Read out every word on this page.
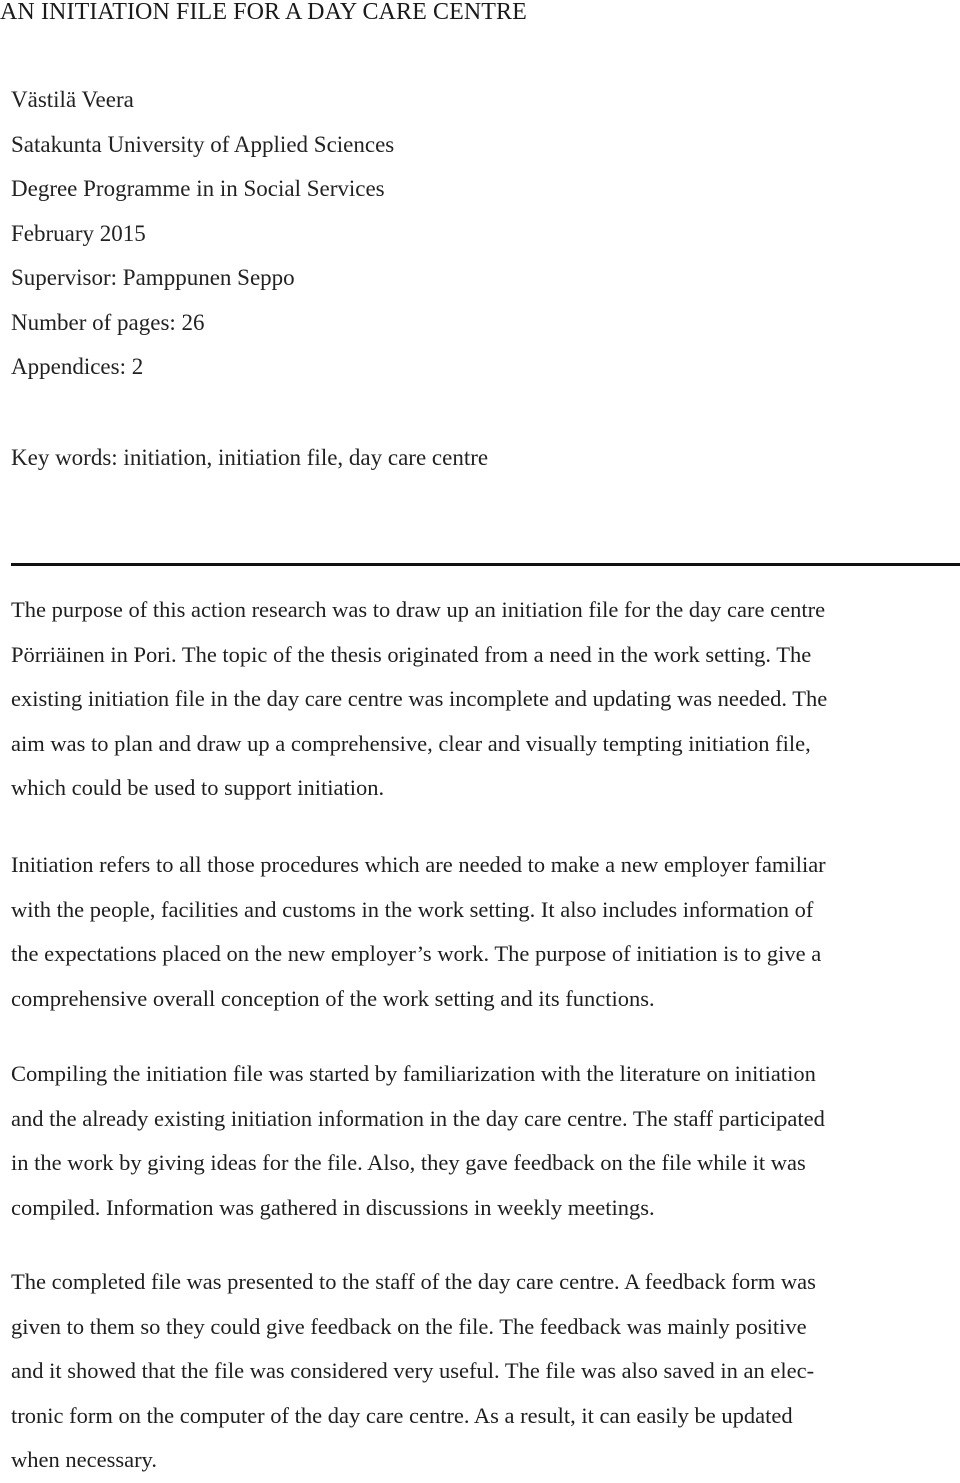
AN INITIATION FILE FOR A DAY CARE CENTRE
Västilä Veera
Satakunta University of Applied Sciences
Degree Programme in in Social Services
February 2015
Supervisor: Pamppunen Seppo
Number of pages: 26
Appendices: 2
Key words: initiation, initiation file, day care centre
The purpose of this action research was to draw up an initiation file for the day care centre
Pörriäinen in Pori. The topic of the thesis originated from a need in the work setting. The
existing initiation file in the day care centre was incomplete and updating was needed. The
aim was to plan and draw up a comprehensive, clear and visually tempting initiation file,
which could be used to support initiation.
Initiation refers to all those procedures which are needed to make a new employer familiar
with the people, facilities and customs in the work setting. It also includes information of
the expectations placed on the new employer’s work. The purpose of initiation is to give a
comprehensive overall conception of the work setting and its functions.
Compiling the initiation file was started by familiarization with the literature on initiation
and the already existing initiation information in the day care centre. The staff participated
in the work by giving ideas for the file. Also, they gave feedback on the file while it was
compiled. Information was gathered in discussions in weekly meetings.
The completed file was presented to the staff of the day care centre. A feedback form was
given to them so they could give feedback on the file. The feedback was mainly positive
and it showed that the file was considered very useful. The file was also saved in an elec-
tronic form on the computer of the day care centre. As a result, it can easily be updated
when necessary.
